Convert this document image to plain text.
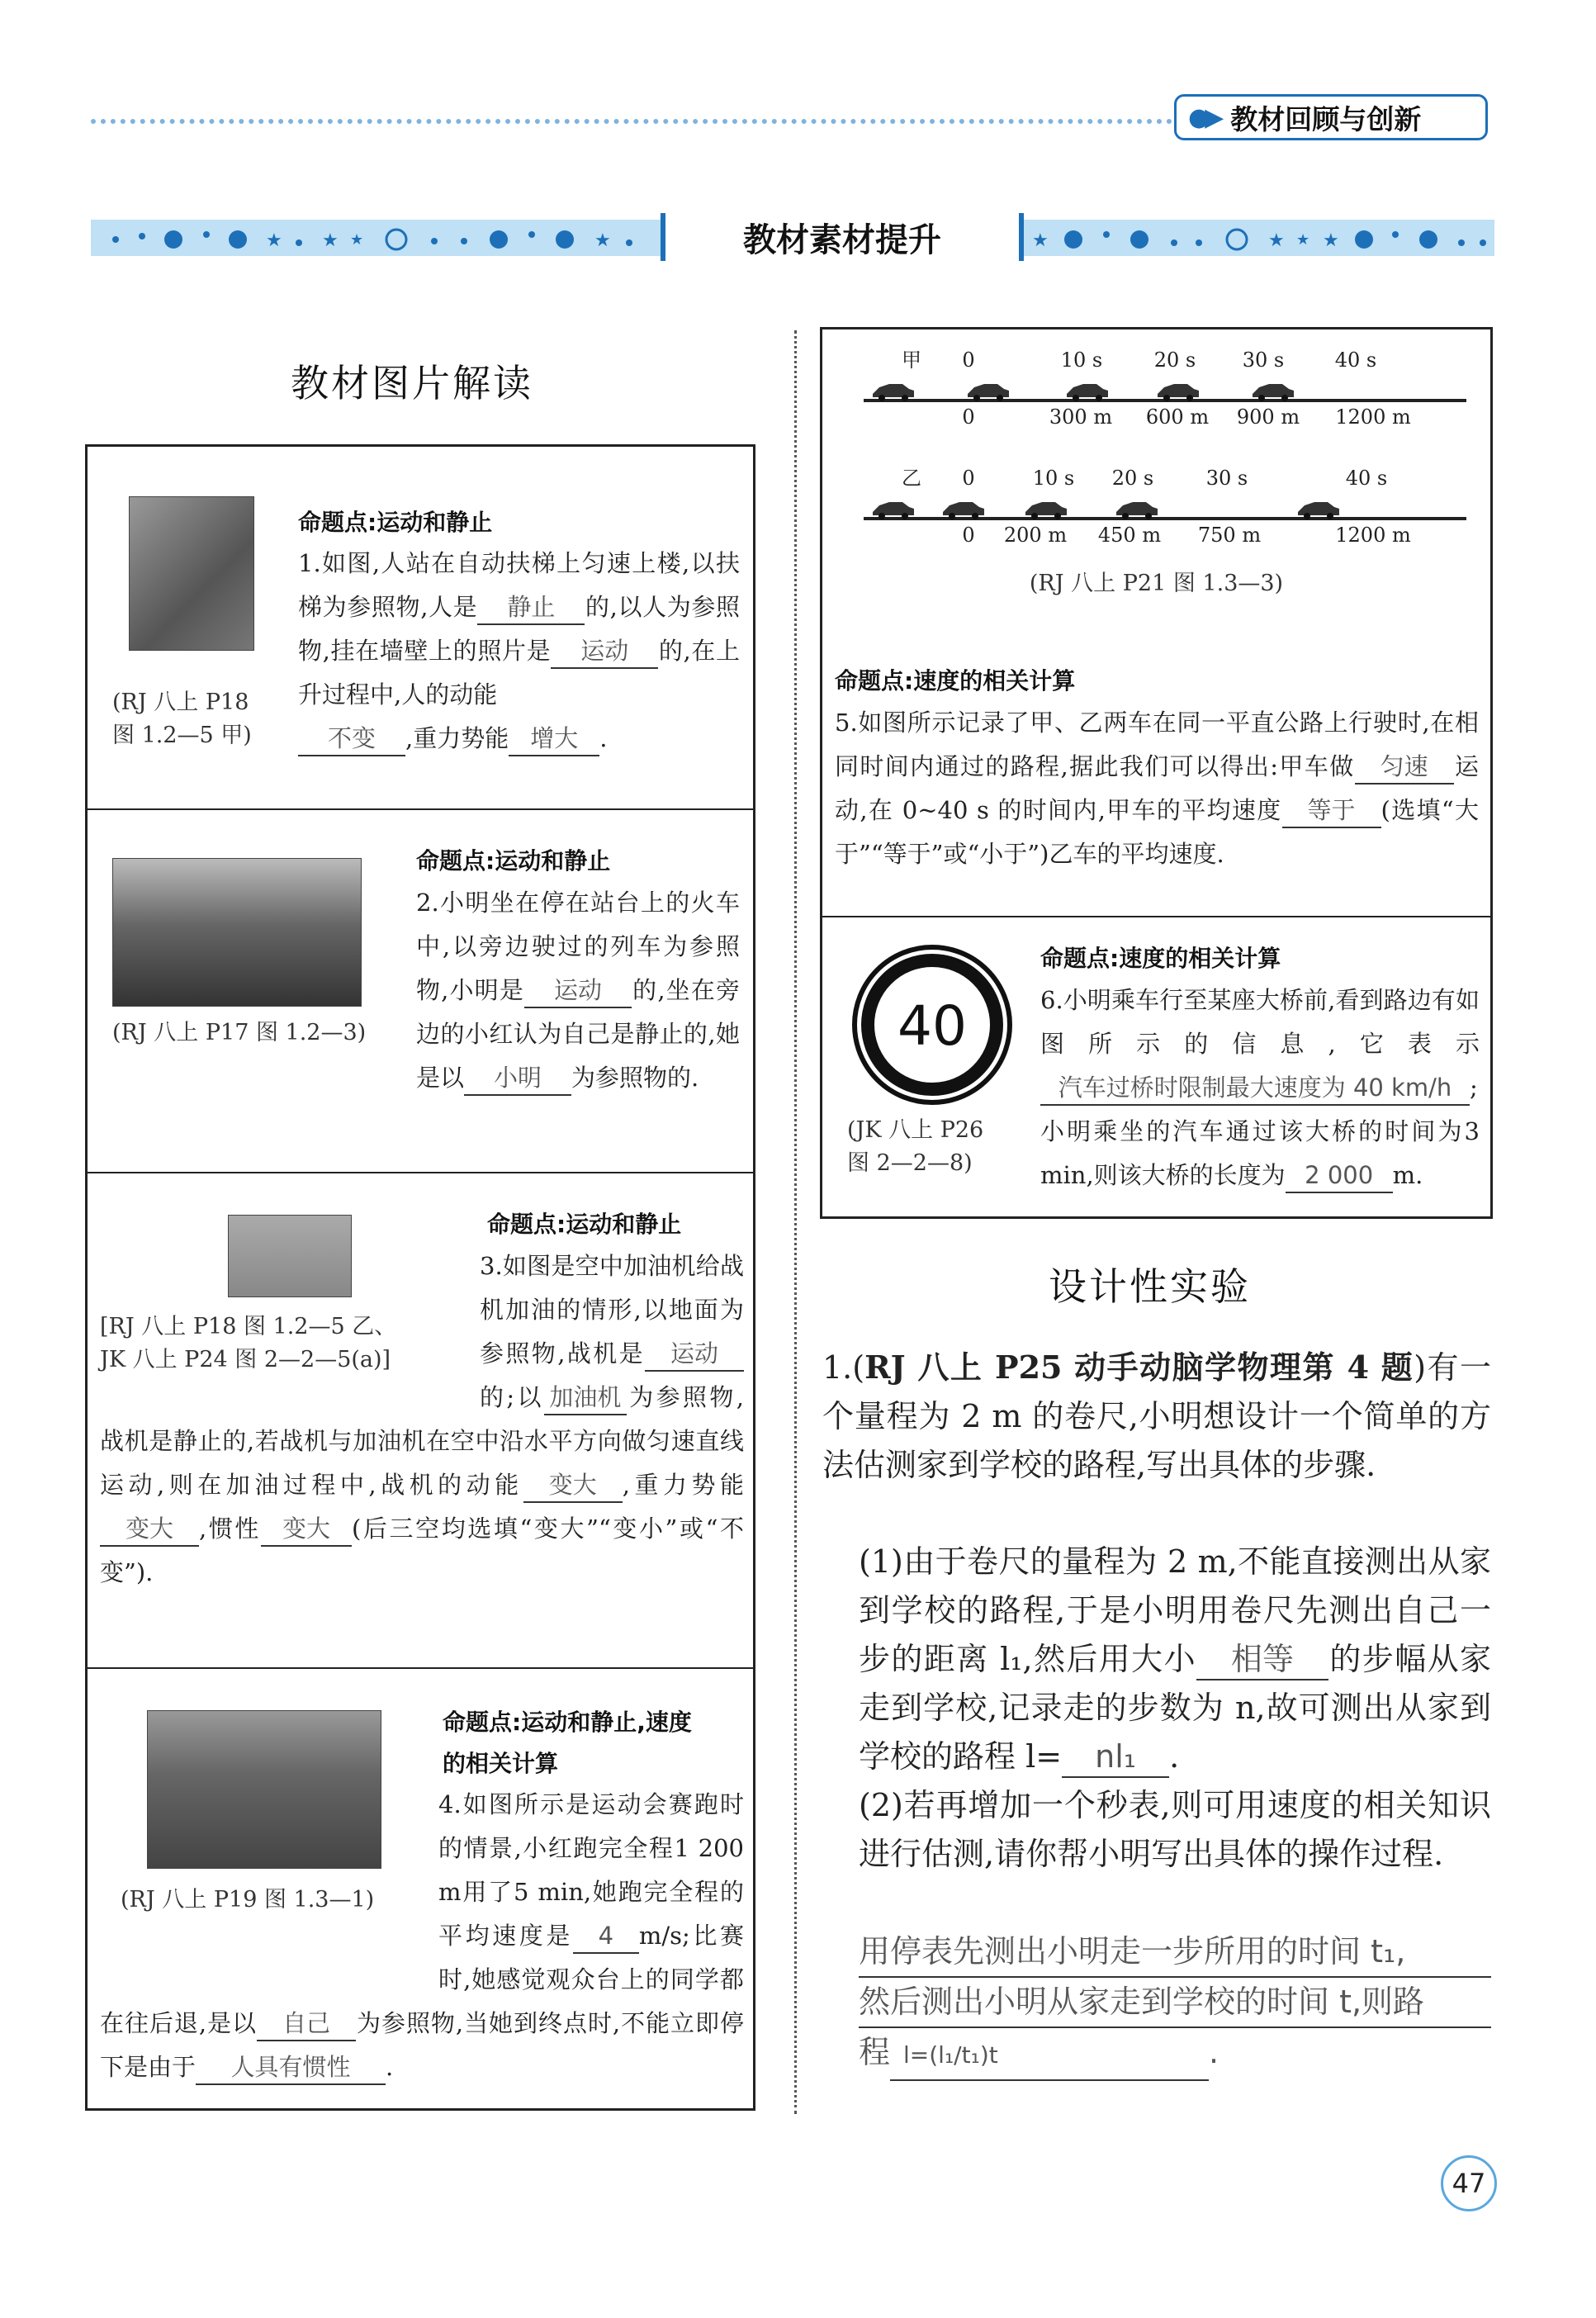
●▶ 教材回顾与创新
★ ★ ★	★	教材素材提升	★	★ ★ ★
教材图片解读
(RJ 八上 P18
图 1.2—5 甲)
命题点:运动和静止
1.如图,人站在自动扶梯上匀速上楼,以扶梯为参照物,人是 静止 的,以人为参照物,挂在墙壁上的照片是 运动 的,在上升过程中,人的动能
不变 ,重力势能 增大 .
(RJ 八上 P17 图 1.2—3)
命题点:运动和静止
2.小明坐在停在站台上的火车中,以旁边驶过的列车为参照物,小明是 运动 的,坐在旁边的小红认为自己是静止的,她是以 小明 为参照物的.
[RJ 八上 P18 图 1.2—5 乙、
JK 八上 P24 图 2—2—5(a)]
命题点:运动和静止
3.如图是空中加油机给战机加油的情形,以地面为参照物,战机是 运动的;以 加油机 为参照物,战机是静止的,若战机与加油机在空中沿水平方向做匀速直线运动,则在加油过程中,战机的动能 变大 ,重力势能变大 ,惯性 变大 (后三空均选填“变大”“变小”或“不变”).
(RJ 八上 P19 图 1.3—1)
命题点:运动和静止,速度
的相关计算
4.如图所示是运动会赛跑时的情景,小红跑完全程1 200 m用了5 min,她跑完全程的平均速度是 4 m/s;比赛时,她感觉观众台上的同学都在往后退,是以 自己 为参照物,当她到终点时,不能立即停下是由于 人具有惯性 .
甲 0
0
10 s
300 m
20 s
600 m
30 s
900 m
40 s
1200 m
乙 0
0
10 s
200 m
20 s
450 m
30 s
750 m
40 s
1200 m
(RJ 八上 P21 图 1.3—3)
命题点:速度的相关计算
5.如图所示记录了甲、乙两车在同一平直公路上行驶时,在相同时间内通过的路程,据此我们可以得出:甲车做 匀速 运动,在 0~40 s 的时间内,甲车的平均速度 等于 (选填“大于”“等于”或“小于”)乙车的平均速度.
40
(JK 八上 P26
图 2—2—8)
命题点:速度的相关计算
6.小明乘车行至某座大桥前,看到路边有如图所示的信息,它表示汽车过桥时限制最大速度为 40 km/h ;小明乘坐的汽车通过该大桥的时间为3 min,则该大桥的长度为 2 000 m.
设计性实验
1.(RJ 八上 P25 动手动脑学物理第 4 题)有一个量程为 2 m 的卷尺,小明想设计一个简单的方法估测家到学校的路程,写出具体的步骤.
(1)由于卷尺的量程为 2 m,不能直接测出从家到学校的路程,于是小明用卷尺先测出自己一步的距离 l₁,然后用大小 相等 的步幅从家走到学校,记录走的步数为 n,故可测出从家到学校的路程 l= nl₁ .
(2)若再增加一个秒表,则可用速度的相关知识进行估测,请你帮小明写出具体的操作过程.
用停表先测出小明走一步所用的时间 t₁,
然后测出小明从家走到学校的时间 t,则路
程 l=(l₁/t₁)t	.
47
